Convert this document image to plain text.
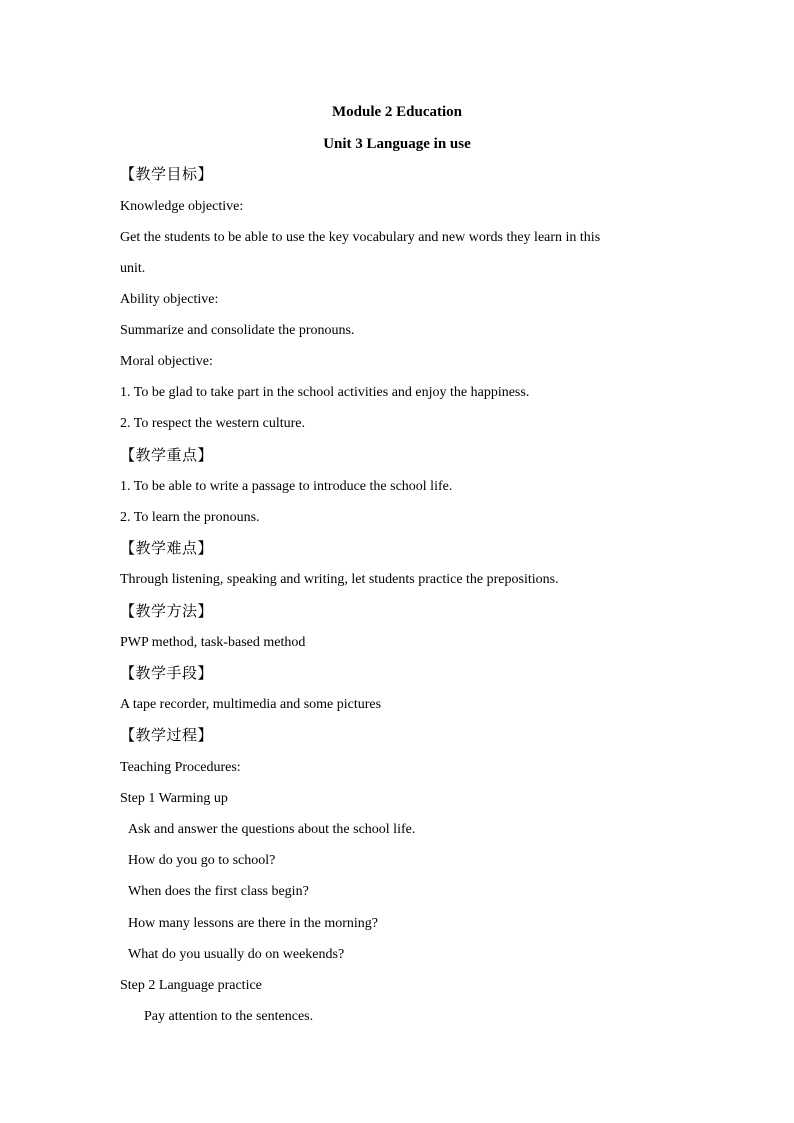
Module 2 Education
Unit 3 Language in use
【教学目标】
Knowledge objective:
Get the students to be able to use the key vocabulary and new words they learn in this
unit.
Ability objective:
Summarize and consolidate the pronouns.
Moral objective:
1. To be glad to take part in the school activities and enjoy the happiness.
2. To respect the western culture.
【教学重点】
1. To be able to write a passage to introduce the school life.
2. To learn the pronouns.
【教学难点】
Through listening, speaking and writing, let students practice the prepositions.
【教学方法】
PWP method, task-based method
【教学手段】
A tape recorder, multimedia and some pictures
【教学过程】
Teaching Procedures:
Step 1 Warming up
Ask and answer the questions about the school life.
How do you go to school?
When does the first class begin?
How many lessons are there in the morning?
What do you usually do on weekends?
Step 2 Language practice
Pay attention to the sentences.
